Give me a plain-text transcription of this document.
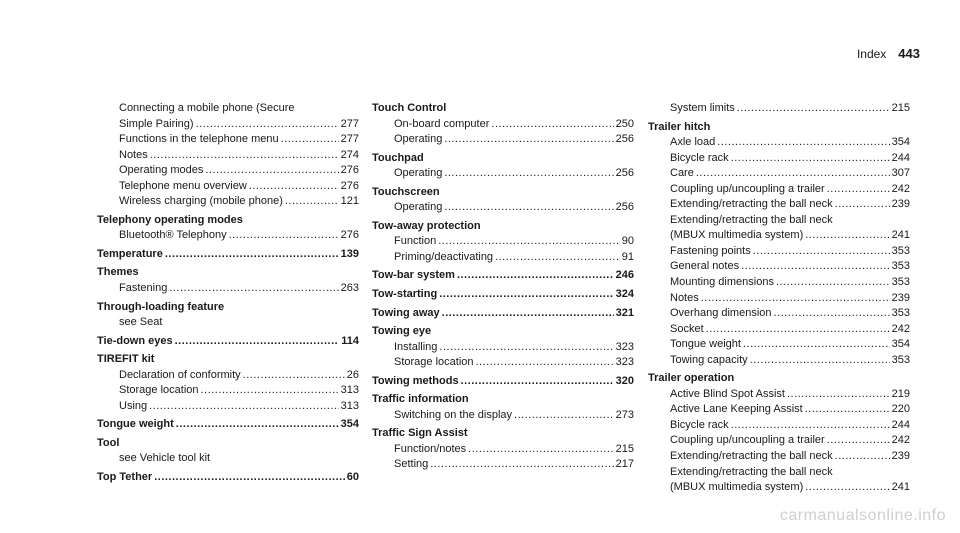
Index 443
Connecting a mobile phone (Secure
Simple Pairing) .....	277
Functions in the telephone menu .....	277
Notes .....	274
Operating modes .....	276
Telephone menu overview .....	276
Wireless charging (mobile phone) .....	121
Telephony operating modes
Bluetooth® Telephony .....	276
Temperature .....	139
Themes
Fastening .....	263
Through-loading feature
see Seat
Tie-down eyes .....	114
TIREFIT kit
Declaration of conformity .....	26
Storage location .....	313
Using .....	313
Tongue weight .....	354
Tool
see Vehicle tool kit
Top Tether .....	60
Touch Control
On-board computer .....	250
Operating .....	256
Touchpad
Operating .....	256
Touchscreen
Operating .....	256
Tow-away protection
Function .....	90
Priming/deactivating .....	91
Tow-bar system .....	246
Tow-starting .....	324
Towing away .....	321
Towing eye
Installing .....	323
Storage location .....	323
Towing methods .....	320
Traffic information
Switching on the display .....	273
Traffic Sign Assist
Function/notes .....	215
Setting .....	217
System limits .....	215
Trailer hitch
Axle load .....	354
Bicycle rack .....	244
Care .....	307
Coupling up/uncoupling a trailer .....	242
Extending/retracting the ball neck .....	239
Extending/retracting the ball neck
(MBUX multimedia system) .....	241
Fastening points .....	353
General notes .....	353
Mounting dimensions .....	353
Notes .....	239
Overhang dimension .....	353
Socket .....	242
Tongue weight .....	354
Towing capacity .....	353
Trailer operation
Active Blind Spot Assist .....	219
Active Lane Keeping Assist .....	220
Bicycle rack .....	244
Coupling up/uncoupling a trailer .....	242
Extending/retracting the ball neck .....	239
Extending/retracting the ball neck
(MBUX multimedia system) .....	241
carmanualsonline.info
